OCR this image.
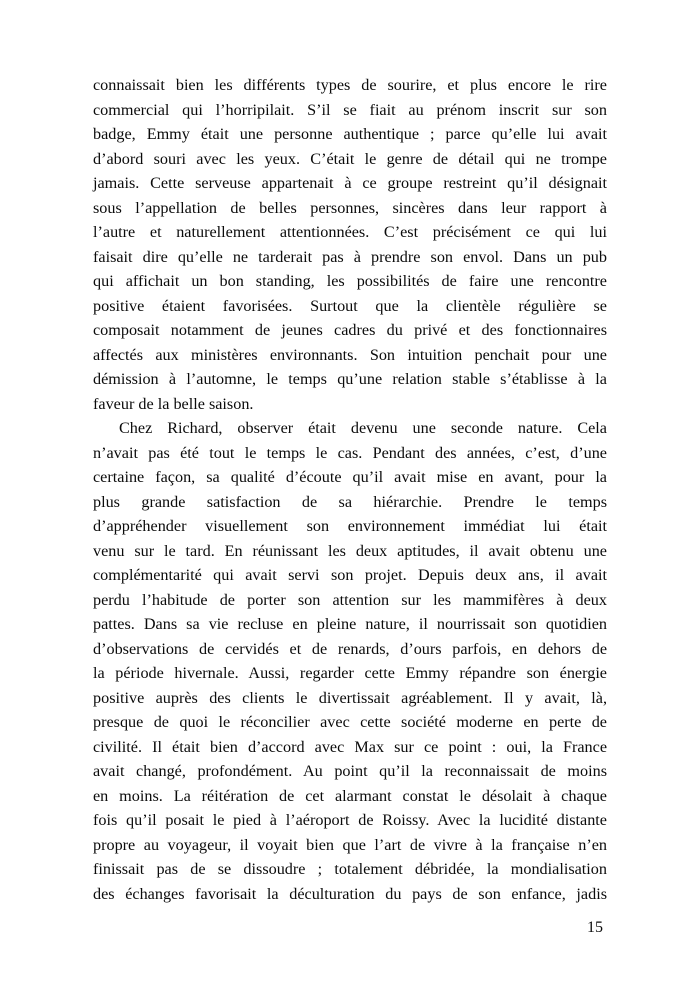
connaissait bien les différents types de sourire, et plus encore le rire
commercial qui l’horripilait. S’il se fiait au prénom inscrit sur son
badge, Emmy était une personne authentique ; parce qu’elle lui avait
d’abord souri avec les yeux. C’était le genre de détail qui ne trompe
jamais. Cette serveuse appartenait à ce groupe restreint qu’il désignait
sous l’appellation de belles personnes, sincères dans leur rapport à
l’autre et naturellement attentionnées. C’est précisément ce qui lui
faisait dire qu’elle ne tarderait pas à prendre son envol. Dans un pub
qui affichait un bon standing, les possibilités de faire une rencontre
positive étaient favorisées. Surtout que la clientèle régulière se
composait notamment de jeunes cadres du privé et des fonctionnaires
affectés aux ministères environnants. Son intuition penchait pour une
démission à l’automne, le temps qu’une relation stable s’établisse à la
faveur de la belle saison.
Chez Richard, observer était devenu une seconde nature. Cela
n’avait pas été tout le temps le cas. Pendant des années, c’est, d’une
certaine façon, sa qualité d’écoute qu’il avait mise en avant, pour la
plus grande satisfaction de sa hiérarchie. Prendre le temps
d’appréhender visuellement son environnement immédiat lui était
venu sur le tard. En réunissant les deux aptitudes, il avait obtenu une
complémentarité qui avait servi son projet. Depuis deux ans, il avait
perdu l’habitude de porter son attention sur les mammifères à deux
pattes. Dans sa vie recluse en pleine nature, il nourrissait son quotidien
d’observations de cervidés et de renards, d’ours parfois, en dehors de
la période hivernale. Aussi, regarder cette Emmy répandre son énergie
positive auprès des clients le divertissait agréablement. Il y avait, là,
presque de quoi le réconcilier avec cette société moderne en perte de
civilité. Il était bien d’accord avec Max sur ce point : oui, la France
avait changé, profondément. Au point qu’il la reconnaissait de moins
en moins. La réitération de cet alarmant constat le désolait à chaque
fois qu’il posait le pied à l’aéroport de Roissy. Avec la lucidité distante
propre au voyageur, il voyait bien que l’art de vivre à la française n’en
finissait pas de se dissoudre ; totalement débridée, la mondialisation
des échanges favorisait la déculturation du pays de son enfance, jadis
15
